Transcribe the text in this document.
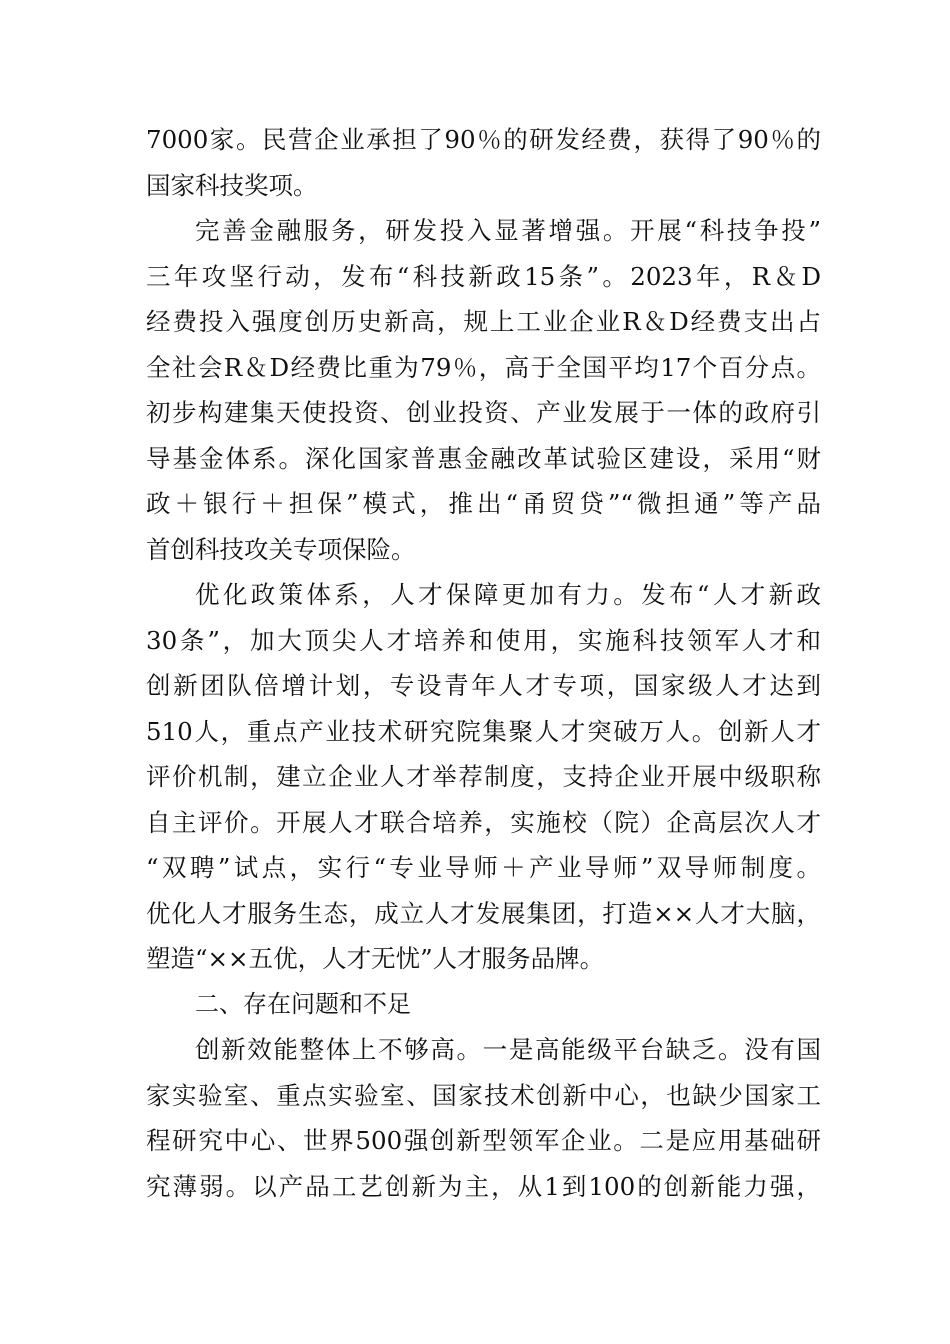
7000家。民营企业承担了90％的研发经费，获得了90％的
国家科技奖项。
完善金融服务，研发投入显著增强。开展“科技争投”
三年攻坚行动，发布“科技新政15条”。2023年，R＆D
经费投入强度创历史新高，规上工业企业R＆D经费支出占
全社会R＆D经费比重为79％，高于全国平均17个百分点。
初步构建集天使投资、创业投资、产业发展于一体的政府引
导基金体系。深化国家普惠金融改革试验区建设，采用“财
政＋银行＋担保”模式，推出“甬贸贷”“微担通”等产品
首创科技攻关专项保险。
优化政策体系，人才保障更加有力。发布“人才新政
30条”，加大顶尖人才培养和使用，实施科技领军人才和
创新团队倍增计划，专设青年人才专项，国家级人才达到
510人，重点产业技术研究院集聚人才突破万人。创新人才
评价机制，建立企业人才举荐制度，支持企业开展中级职称
自主评价。开展人才联合培养，实施校（院）企高层次人才
“双聘”试点，实行“专业导师＋产业导师”双导师制度。
优化人才服务生态，成立人才发展集团，打造××人才大脑，
塑造“××五优，人才无忧”人才服务品牌。
二、存在问题和不足
创新效能整体上不够高。一是高能级平台缺乏。没有国
家实验室、重点实验室、国家技术创新中心，也缺少国家工
程研究中心、世界500强创新型领军企业。二是应用基础研
究薄弱。以产品工艺创新为主，从1到100的创新能力强，
